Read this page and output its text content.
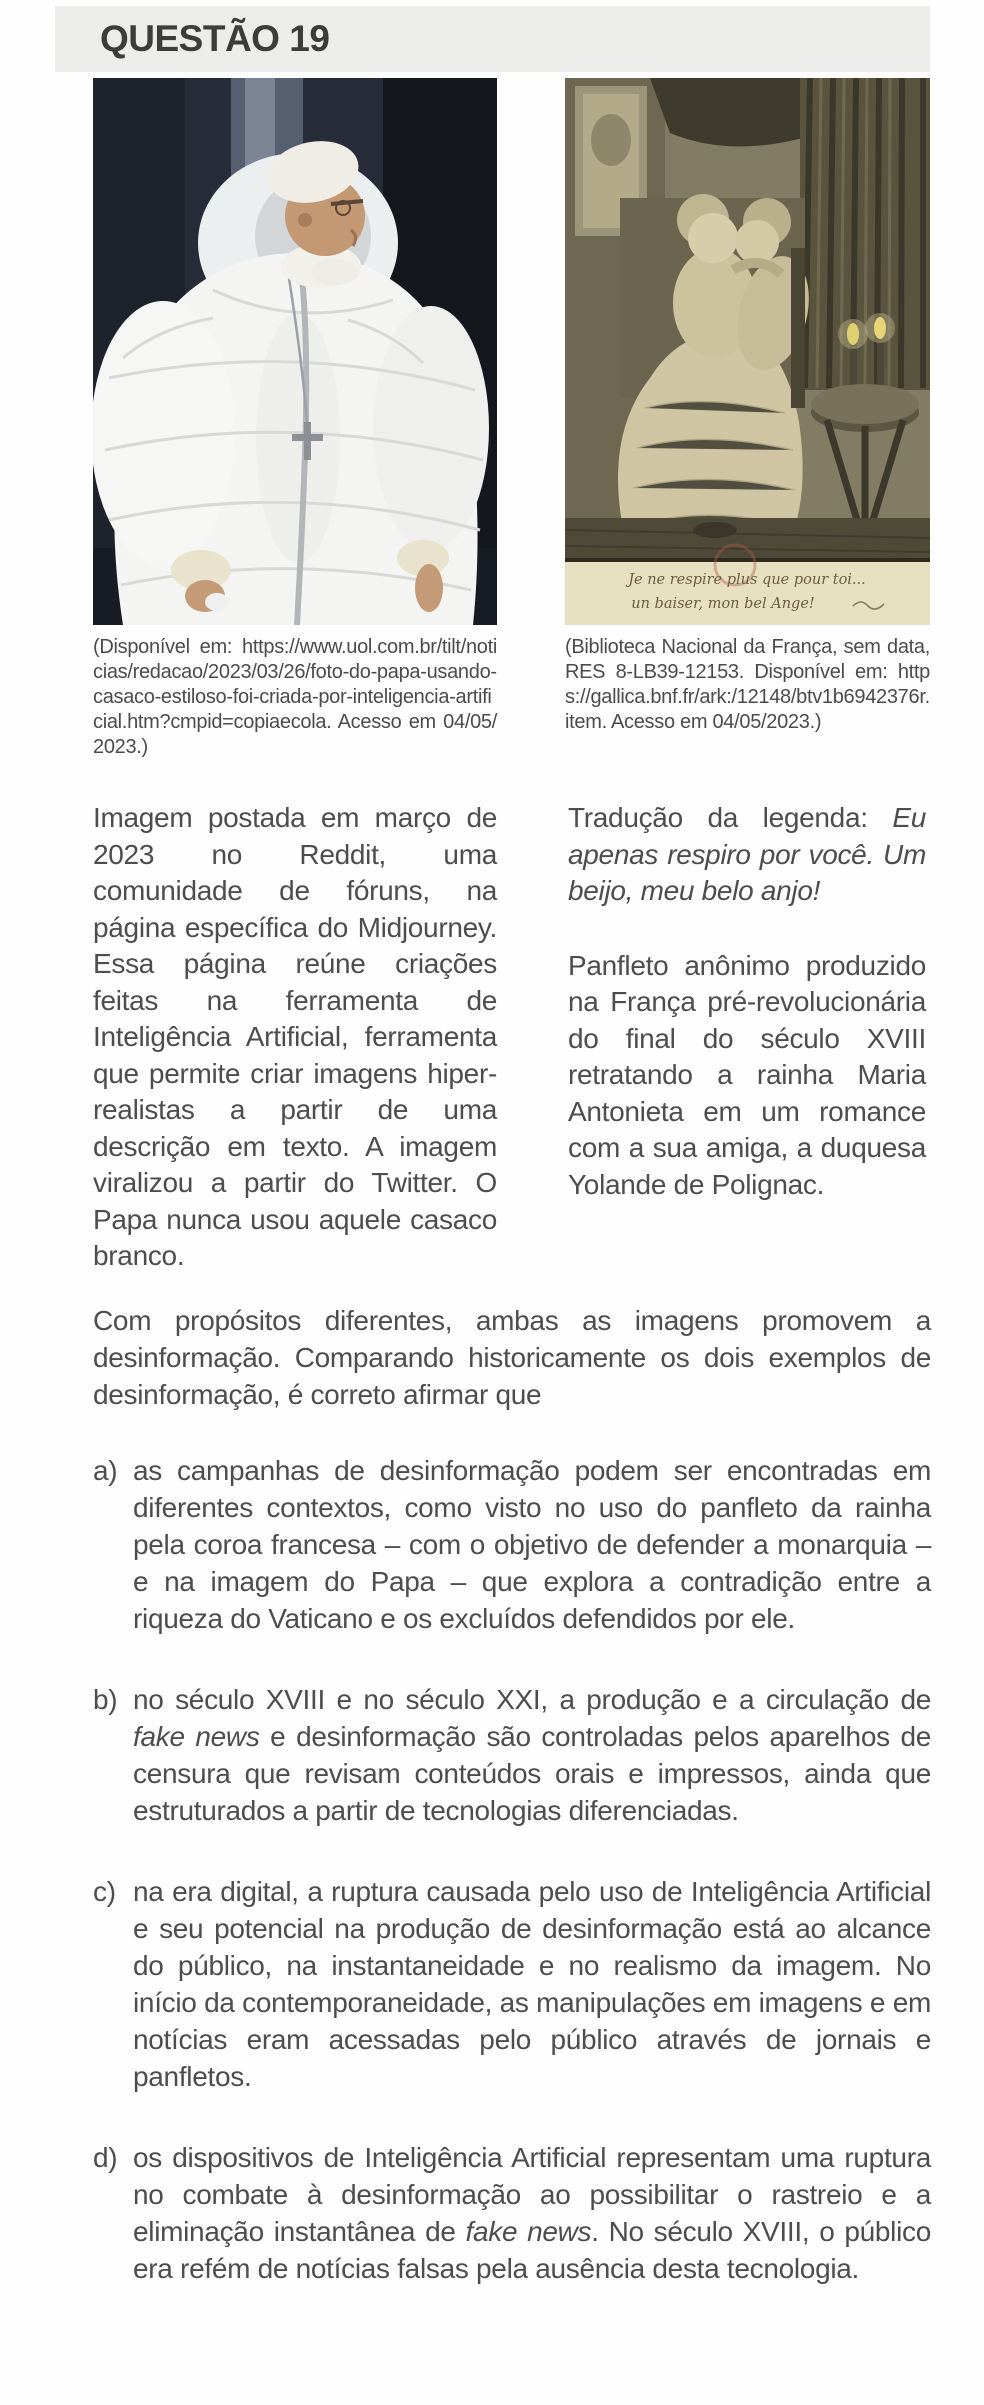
QUESTÃO 19
(Disponível em: https://www.uol.com.br/tilt/noticias/redacao/2023/03/26/foto-do-papa-usando-casaco-estiloso-foi-criada-por-inteligencia-artificial.htm?cmpid=copiaecola. Acesso em 04/05/2023.)
Je ne respire plus que pour toi...
un baiser, mon bel Ange!
(Biblioteca Nacional da França, sem data, RES 8-LB39-12153. Disponível em: https://gallica.bnf.fr/ark:/12148/btv1b6942376r.item. Acesso em 04/05/2023.)

Imagem postada em março de 2023 no Reddit, uma comunidade de fóruns, na página específica do Midjourney. Essa página reúne criações feitas na ferramenta de Inteligência Artificial, ferramenta que permite criar imagens hiper-realistas a partir de uma descrição em texto. A imagem viralizou a partir do Twitter. O Papa nunca usou aquele casaco branco.

Tradução da legenda: Eu apenas respiro por você. Um beijo, meu belo anjo!

Panfleto anônimo produzido na França pré-revolucionária do final do século XVIII retratando a rainha Maria Antonieta em um romance com a sua amiga, a duquesa Yolande de Polignac.

Com propósitos diferentes, ambas as imagens promovem a desinformação. Comparando historicamente os dois exemplos de desinformação, é correto afirmar que

a) as campanhas de desinformação podem ser encontradas em diferentes contextos, como visto no uso do panfleto da rainha pela coroa francesa – com o objetivo de defender a monarquia – e na imagem do Papa – que explora a contradição entre a riqueza do Vaticano e os excluídos defendidos por ele.
b) no século XVIII e no século XXI, a produção e a circulação de fake news e desinformação são controladas pelos aparelhos de censura que revisam conteúdos orais e impressos, ainda que estruturados a partir de tecnologias diferenciadas.
c) na era digital, a ruptura causada pelo uso de Inteligência Artificial e seu potencial na produção de desinformação está ao alcance do público, na instantaneidade e no realismo da imagem. No início da contemporaneidade, as manipulações em imagens e em notícias eram acessadas pelo público através de jornais e panfletos.
d) os dispositivos de Inteligência Artificial representam uma ruptura no combate à desinformação ao possibilitar o rastreio e a eliminação instantânea de fake news. No século XVIII, o público era refém de notícias falsas pela ausência desta tecnologia.
